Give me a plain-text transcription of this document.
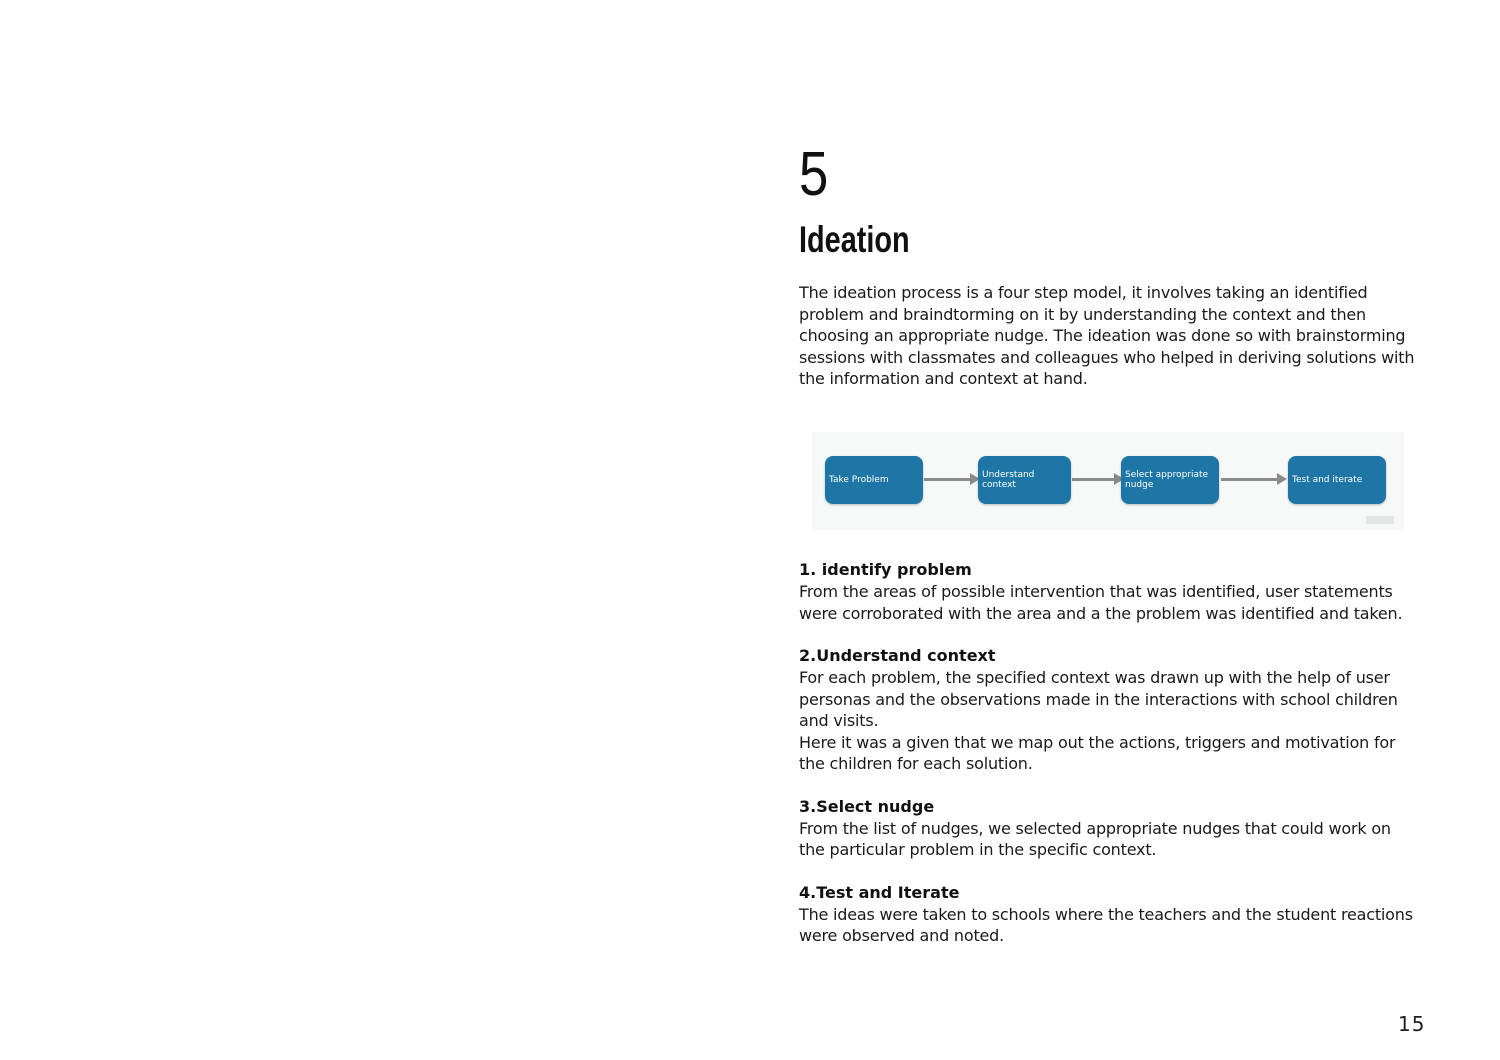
5
Ideation
The ideation process is a four step model, it involves taking an identified
problem and braindtorming on it by understanding the context and then
choosing an appropriate nudge. The ideation was done so with brainstorming
sessions with classmates and colleagues who helped in deriving solutions with
the information and context at hand.
Take Problem	Understand
context
Select appropriate
nudge	Test and iterate
1. identify problem
From the areas of possible intervention that was identified, user statements
were corroborated with the area and a the problem was identified and taken.
2.Understand context
For each problem, the specified context was drawn up with the help of user
personas and the observations made in the interactions with school children
and visits.
Here it was a given that we map out the actions, triggers and motivation for
the children for each solution.
3.Select nudge
From the list of nudges, we selected appropriate nudges that could work on
the particular problem in the specific context.
4.Test and Iterate
The ideas were taken to schools where the teachers and the student reactions
were observed and noted.
15
